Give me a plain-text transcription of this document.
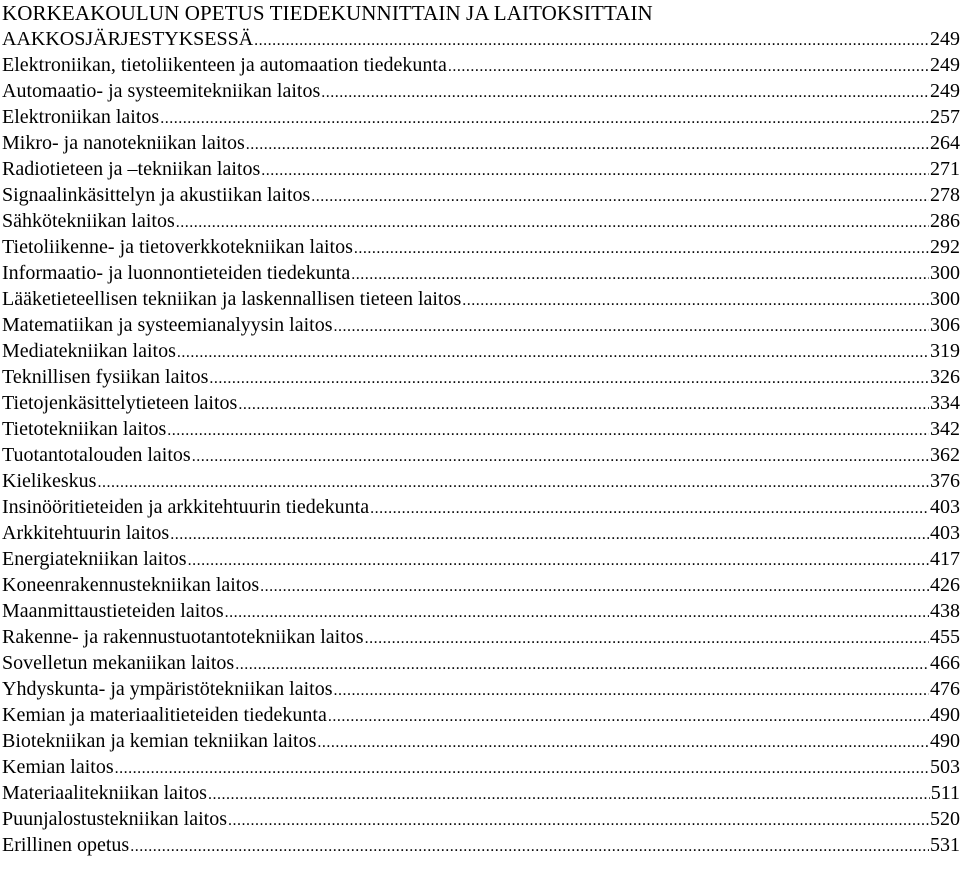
KORKEAKOULUN OPETUS TIEDEKUNNITTAIN JA LAITOKSITTAIN
AAKKOSJÄRJESTYKSESSÄ .....	249
Elektroniikan, tietoliikenteen ja automaation tiedekunta .....	249
Automaatio- ja systeemitekniikan laitos .....	249
Elektroniikan laitos .....	257
Mikro- ja nanotekniikan laitos .....	264
Radiotieteen ja –tekniikan laitos .....	271
Signaalinkäsittelyn ja akustiikan laitos .....	278
Sähkötekniikan laitos .....	286
Tietoliikenne- ja tietoverkkotekniikan laitos .....	292
Informaatio- ja luonnontieteiden tiedekunta .....	300
Lääketieteellisen tekniikan ja laskennallisen tieteen laitos .....	300
Matematiikan ja systeemianalyysin laitos .....	306
Mediatekniikan laitos .....	319
Teknillisen fysiikan laitos .....	326
Tietojenkäsittelytieteen laitos .....	334
Tietotekniikan laitos .....	342
Tuotantotalouden laitos .....	362
Kielikeskus .....	376
Insinööritieteiden ja arkkitehtuurin tiedekunta .....	403
Arkkitehtuurin laitos .....	403
Energiatekniikan laitos .....	417
Koneenrakennustekniikan laitos .....	426
Maanmittaustieteiden laitos .....	438
Rakenne- ja rakennustuotantotekniikan laitos .....	455
Sovelletun mekaniikan laitos .....	466
Yhdyskunta- ja ympäristötekniikan laitos .....	476
Kemian ja materiaalitieteiden tiedekunta .....	490
Biotekniikan ja kemian tekniikan laitos .....	490
Kemian laitos .....	503
Materiaalitekniikan laitos .....	511
Puunjalostustekniikan laitos .....	520
Erillinen opetus .....	531
